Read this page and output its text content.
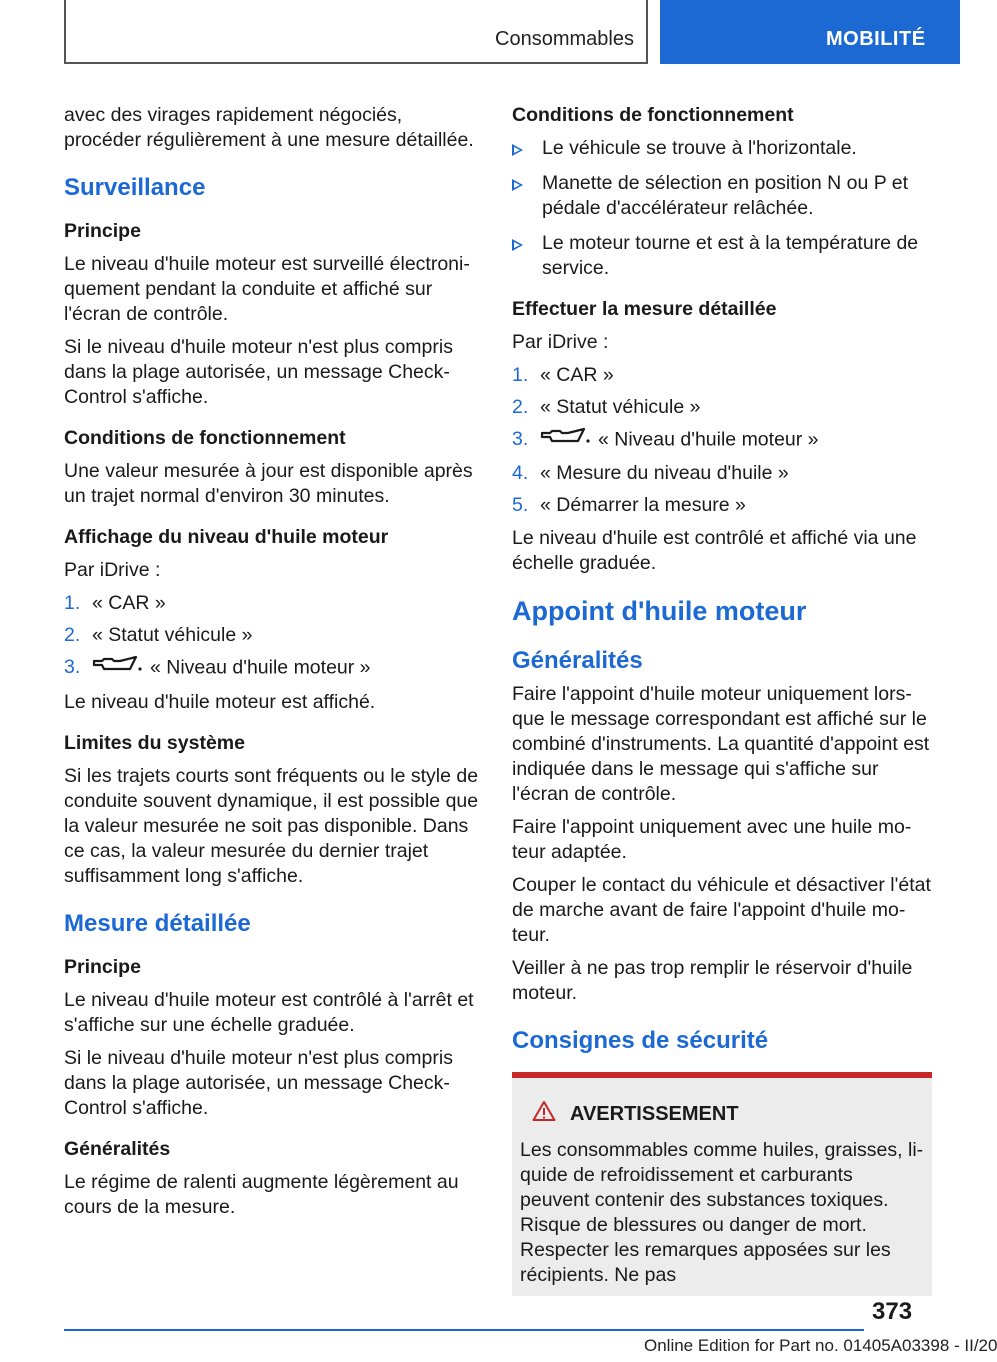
Consommables	MOBILITÉ

avec des virages rapidement négociés, procéder régulièrement à une mesure détaillée.

Surveillance
Principe

Le niveau d'huile moteur est surveillé électroniquement pendant la conduite et affiché sur l'écran de contrôle.

Si le niveau d'huile moteur n'est plus compris dans la plage autorisée, un message Check-Control s'affiche.

Conditions de fonctionnement

Une valeur mesurée à jour est disponible après un trajet normal d'environ 30 minutes.

Affichage du niveau d'huile moteur

Par iDrive :

1. « CAR »
2. « Statut véhicule »
3.	« Niveau d'huile moteur »

Le niveau d'huile moteur est affiché.

Limites du système

Si les trajets courts sont fréquents ou le style de conduite souvent dynamique, il est possible que la valeur mesurée ne soit pas disponible. Dans ce cas, la valeur mesurée du dernier trajet suffisamment long s'affiche.

Mesure détaillée
Principe

Le niveau d'huile moteur est contrôlé à l'arrêt et s'affiche sur une échelle graduée.

Si le niveau d'huile moteur n'est plus compris dans la plage autorisée, un message Check-Control s'affiche.

Généralités

Le régime de ralenti augmente légèrement au cours de la mesure.

Conditions de fonctionnement
Le véhicule se trouve à l'horizontale.
Manette de sélection en position N ou P et pédale d'accélérateur relâchée.
Le moteur tourne et est à la température de service.
Effectuer la mesure détaillée

Par iDrive :

1. « CAR »
2. « Statut véhicule »
3.	« Niveau d'huile moteur »
4. « Mesure du niveau d'huile »
5. « Démarrer la mesure »

Le niveau d'huile est contrôlé et affiché via une échelle graduée.

Appoint d'huile moteur
Généralités

Faire l'appoint d'huile moteur uniquement lorsque le message correspondant est affiché sur le combiné d'instruments. La quantité d'appoint est indiquée dans le message qui s'affiche sur l'écran de contrôle.

Faire l'appoint uniquement avec une huile moteur adaptée.

Couper le contact du véhicule et désactiver l'état de marche avant de faire l'appoint d'huile moteur.

Veiller à ne pas trop remplir le réservoir d'huile moteur.

Consignes de sécurité
AVERTISSEMENT

Les consommables comme huiles, graisses, liquide de refroidissement et carburants peuvent contenir des substances toxiques. Risque de blessures ou danger de mort. Respecter les remarques apposées sur les récipients. Ne pas

373
Online Edition for Part no. 01405A03398 - II/20
